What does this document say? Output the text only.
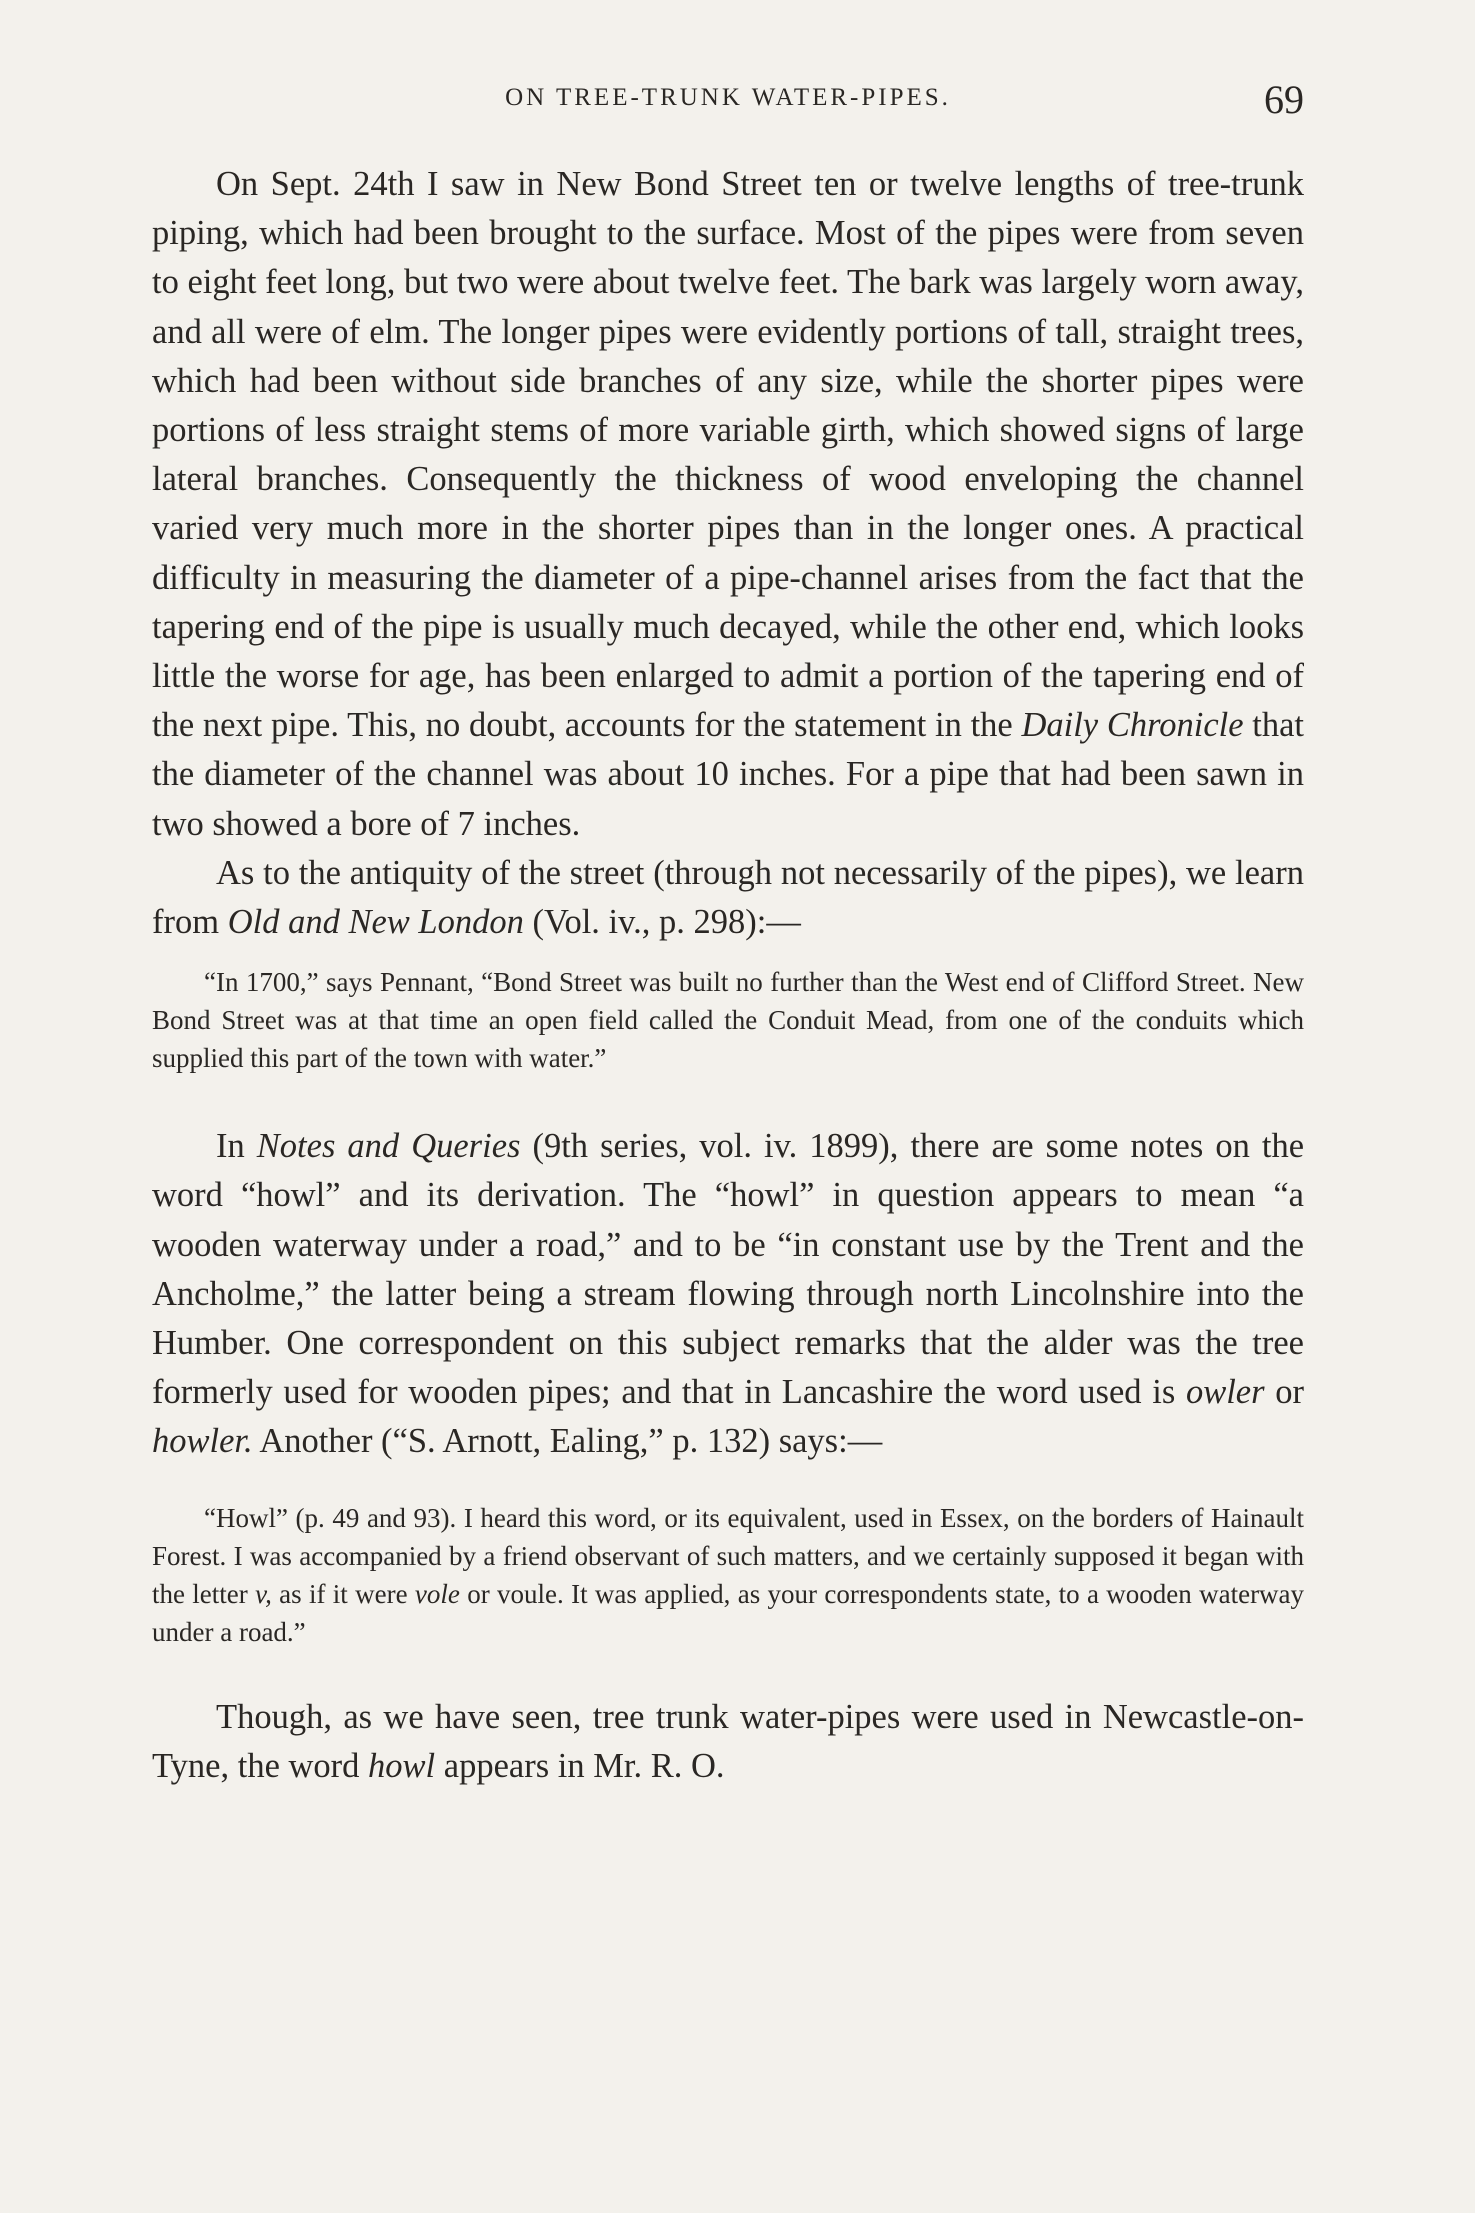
ON TREE-TRUNK WATER-PIPES.	69

On Sept. 24th I saw in New Bond Street ten or twelve lengths of tree-trunk piping, which had been brought to the surface. Most of the pipes were from seven to eight feet long, but two were about twelve feet. The bark was largely worn away, and all were of elm. The longer pipes were evidently portions of tall, straight trees, which had been without side branches of any size, while the shorter pipes were portions of less straight stems of more variable girth, which showed signs of large lateral branches. Consequently the thickness of wood enveloping the channel varied very much more in the shorter pipes than in the longer ones. A practical difficulty in measuring the diameter of a pipe-channel arises from the fact that the tapering end of the pipe is usually much decayed, while the other end, which looks little the worse for age, has been enlarged to admit a portion of the tapering end of the next pipe. This, no doubt, accounts for the statement in the Daily Chronicle that the diameter of the channel was about 10 inches. For a pipe that had been sawn in two showed a bore of 7 inches.

As to the antiquity of the street (through not necessarily of the pipes), we learn from Old and New London (Vol. iv., p. 298):—

“In 1700,” says Pennant, “Bond Street was built no further than the West end of Clifford Street. New Bond Street was at that time an open field called the Conduit Mead, from one of the conduits which supplied this part of the town with water.”

In Notes and Queries (9th series, vol. iv. 1899), there are some notes on the word “howl” and its derivation. The “howl” in question appears to mean “a wooden waterway under a road,” and to be “in constant use by the Trent and the Ancholme,” the latter being a stream flowing through north Lincolnshire into the Humber. One correspondent on this subject remarks that the alder was the tree formerly used for wooden pipes; and that in Lancashire the word used is owler or howler. Another (“S. Arnott, Ealing,” p. 132) says:—

“Howl” (p. 49 and 93). I heard this word, or its equivalent, used in Essex, on the borders of Hainault Forest. I was accompanied by a friend observant of such matters, and we certainly supposed it began with the letter v, as if it were vole or voule. It was applied, as your correspondents state, to a wooden waterway under a road.”

Though, as we have seen, tree trunk water-pipes were used in Newcastle-on-Tyne, the word howl appears in Mr. R. O.
